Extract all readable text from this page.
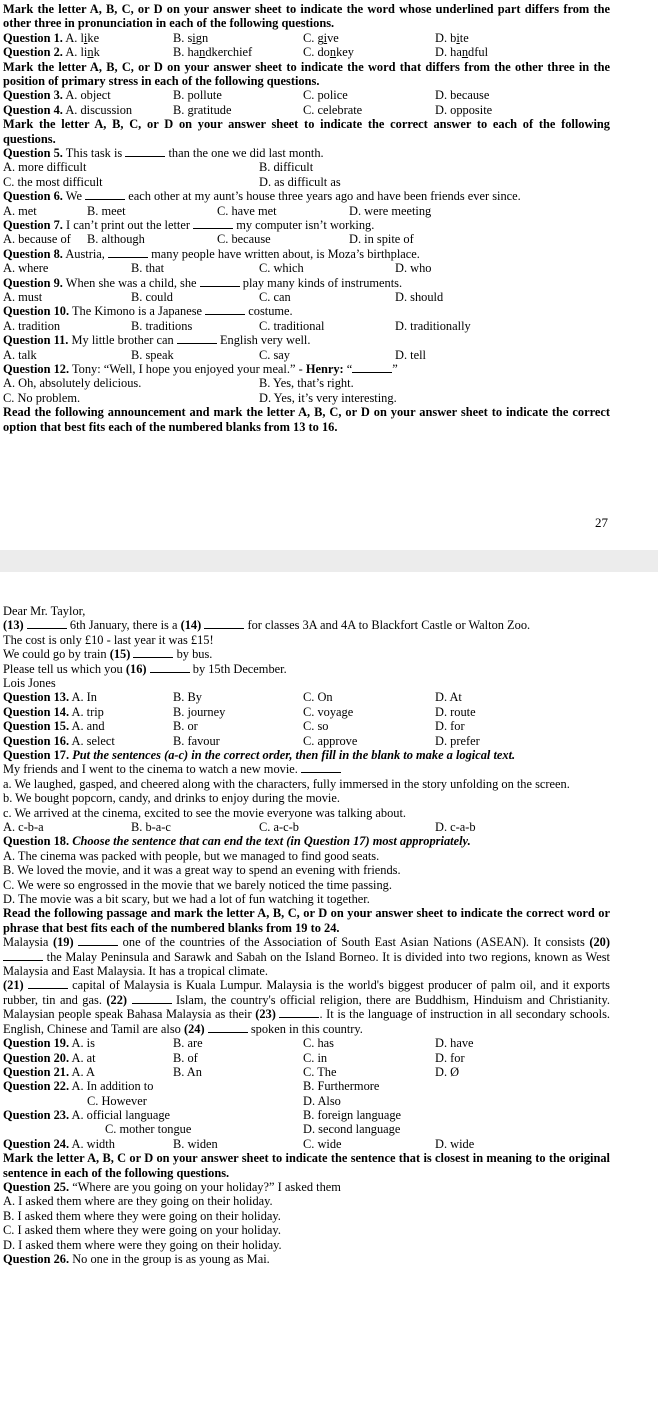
Mark the letter A, B, C, or D on your answer sheet to indicate the word whose underlined part differs from the other three in pronunciation in each of the following questions.
Question 1. A. like	B. sign	C. give	D. bite
Question 2. A. link	B. handkerchief	C. donkey	D. handful
Mark the letter A, B, C, or D on your answer sheet to indicate the word that differs from the other three in the position of primary stress in each of the following questions.
Question 3. A. object	B. pollute	C. police	D. because
Question 4. A. discussion	B. gratitude	C. celebrate	D. opposite
Mark the letter A, B, C, or D on your answer sheet to indicate the correct answer to each of the following questions.
Question 5. This task is	than the one we did last month.
A. more difficult	B. difficult
C. the most difficult	D. as difficult as
Question 6. We	each other at my aunt’s house three years ago and have been friends ever since.
A. met	B. meet	C. have met	D. were meeting
Question 7. I can’t print out the letter	my computer isn’t working.
A. because of B. although	C. because	D. in spite of
Question 8. Austria,	many people have written about, is Moza’s birthplace.
A. where	B. that	C. which	D. who
Question 9. When she was a child, she	play many kinds of instruments.
A. must	B. could	C. can	D. should
Question 10. The Kimono is a Japanese	costume.
A. tradition	B. traditions	C. traditional	D. traditionally
Question 11. My little brother can	English very well.
A. talk	B. speak	C. say	D. tell
Question 12. Tony: “Well, I hope you enjoyed your meal.” - Henry: “	”
A. Oh, absolutely delicious.	B. Yes, that’s right.
C. No problem.	D. Yes, it’s very interesting.
Read the following announcement and mark the letter A, B, C, or D on your answer sheet to indicate the correct option that best fits each of the numbered blanks from 13 to 16.
27
Dear Mr. Taylor,
(13)	6th January, there is a (14)	for classes 3A and 4A to Blackfort Castle or Walton Zoo.
The cost is only £10 - last year it was £15!
We could go by train (15)	by bus.
Please tell us which you (16)	by 15th December.
Lois Jones
Question 13. A. In	B. By	C. On	D. At
Question 14. A. trip	B. journey	C. voyage	D. route
Question 15. A. and	B. or	C. so	D. for
Question 16. A. select	B. favour	C. approve	D. prefer
Question 17. Put the sentences (a-c) in the correct order, then fill in the blank to make a logical text.
My friends and I went to the cinema to watch a new movie.
a. We laughed, gasped, and cheered along with the characters, fully immersed in the story unfolding on the screen.
b. We bought popcorn, candy, and drinks to enjoy during the movie.
c. We arrived at the cinema, excited to see the movie everyone was talking about.
A. c-b-a	B. b-a-c	C. a-c-b	D. c-a-b
Question 18. Choose the sentence that can end the text (in Question 17) most appropriately.
A. The cinema was packed with people, but we managed to find good seats.
B. We loved the movie, and it was a great way to spend an evening with friends.
C. We were so engrossed in the movie that we barely noticed the time passing.
D. The movie was a bit scary, but we had a lot of fun watching it together.
Read the following passage and mark the letter A, B, C, or D on your answer sheet to indicate the correct word or phrase that best fits each of the numbered blanks from 19 to 24.
Malaysia (19)	one of the countries of the Association of South East Asian Nations (ASEAN). It consists (20)  the Malay Peninsula and Sarawk and Sabah on the Island Borneo. It is divided into two regions, known as West Malaysia and East Malaysia. It has a tropical climate.
(21)	capital of Malaysia is Kuala Lumpur. Malaysia is the world's biggest producer of palm oil, and it exports rubber, tin and gas. (22)	Islam, the country's official religion, there are Buddhism, Hinduism and Christianity. Malaysian people speak Bahasa Malaysia as their (23)	. It is the language of instruction in all secondary schools. English, Chinese and Tamil are also (24)	spoken in this country.
Question 19. A. is	B. are	C. has	D. have
Question 20. A. at	B. of	C. in	D. for
Question 21. A. A	B. An	C. The	D. Ø
Question 22. A. In addition to	B. Furthermore
C. However	D. Also
Question 23. A. official language	B. foreign language
C. mother tongue	D. second language
Question 24. A. width	B. widen	C. wide	D. wide
Mark the letter A, B, C or D on your answer sheet to indicate the sentence that is closest in meaning to the original sentence in each of the following questions.
Question 25. “Where are you going on your holiday?” I asked them
A. I asked them where are they going on their holiday.
B. I asked them where they were going on their holiday.
C. I asked them where they were going on your holiday.
D. I asked them where were they going on their holiday.
Question 26. No one in the group is as young as Mai.
